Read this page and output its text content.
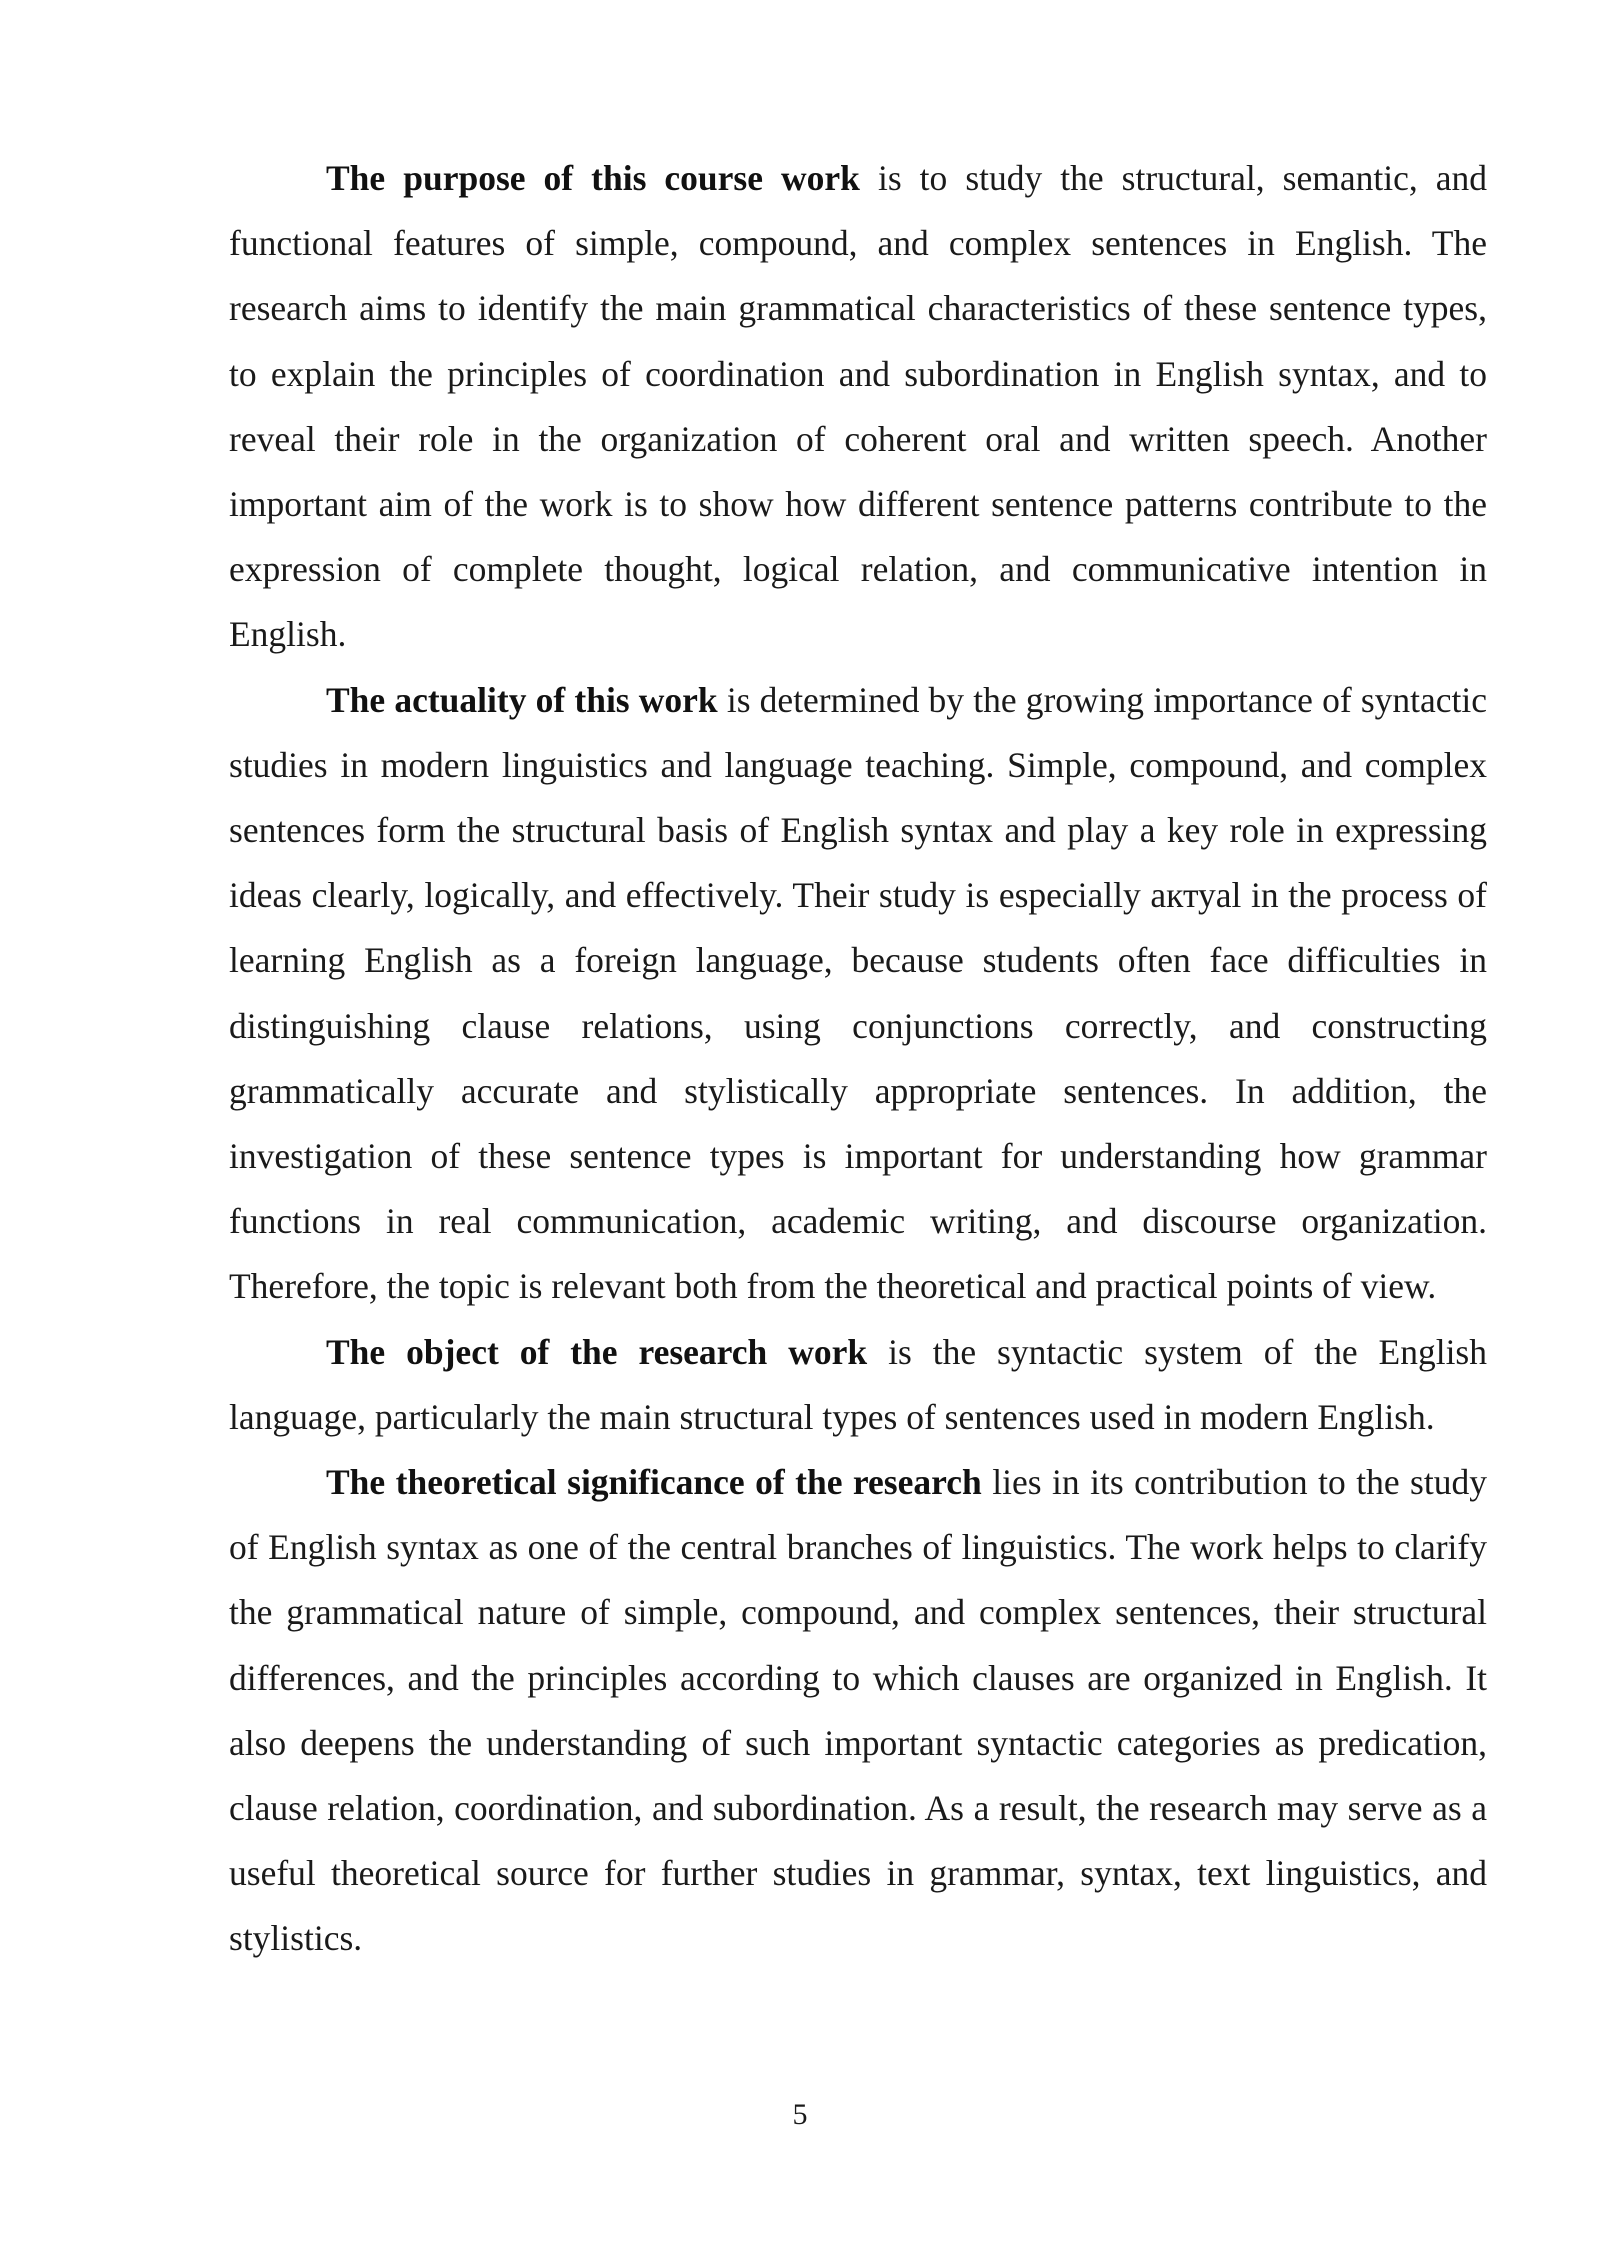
The purpose of this course work is to study the structural, semantic, and functional features of simple, compound, and complex sentences in English. The research aims to identify the main grammatical characteristics of these sentence types, to explain the principles of coordination and subordination in English syntax, and to reveal their role in the organization of coherent oral and written speech. Another important aim of the work is to show how different sentence patterns contribute to the expression of complete thought, logical relation, and communicative intention in English.

The actuality of this work is determined by the growing importance of syntactic studies in modern linguistics and language teaching. Simple, compound, and complex sentences form the structural basis of English syntax and play a key role in expressing ideas clearly, logically, and effectively. Their study is especially актуal in the process of learning English as a foreign language, because students often face difficulties in distinguishing clause relations, using conjunctions correctly, and constructing grammatically accurate and stylistically appropriate sentences. In addition, the investigation of these sentence types is important for understanding how grammar functions in real communication, academic writing, and discourse organization. Therefore, the topic is relevant both from the theoretical and practical points of view.

The object of the research work is the syntactic system of the English language, particularly the main structural types of sentences used in modern English.

The theoretical significance of the research lies in its contribution to the study of English syntax as one of the central branches of linguistics. The work helps to clarify the grammatical nature of simple, compound, and complex sentences, their structural differences, and the principles according to which clauses are organized in English. It also deepens the understanding of such important syntactic categories as predication, clause relation, coordination, and subordination. As a result, the research may serve as a useful theoretical source for further studies in grammar, syntax, text linguistics, and stylistics.

5
